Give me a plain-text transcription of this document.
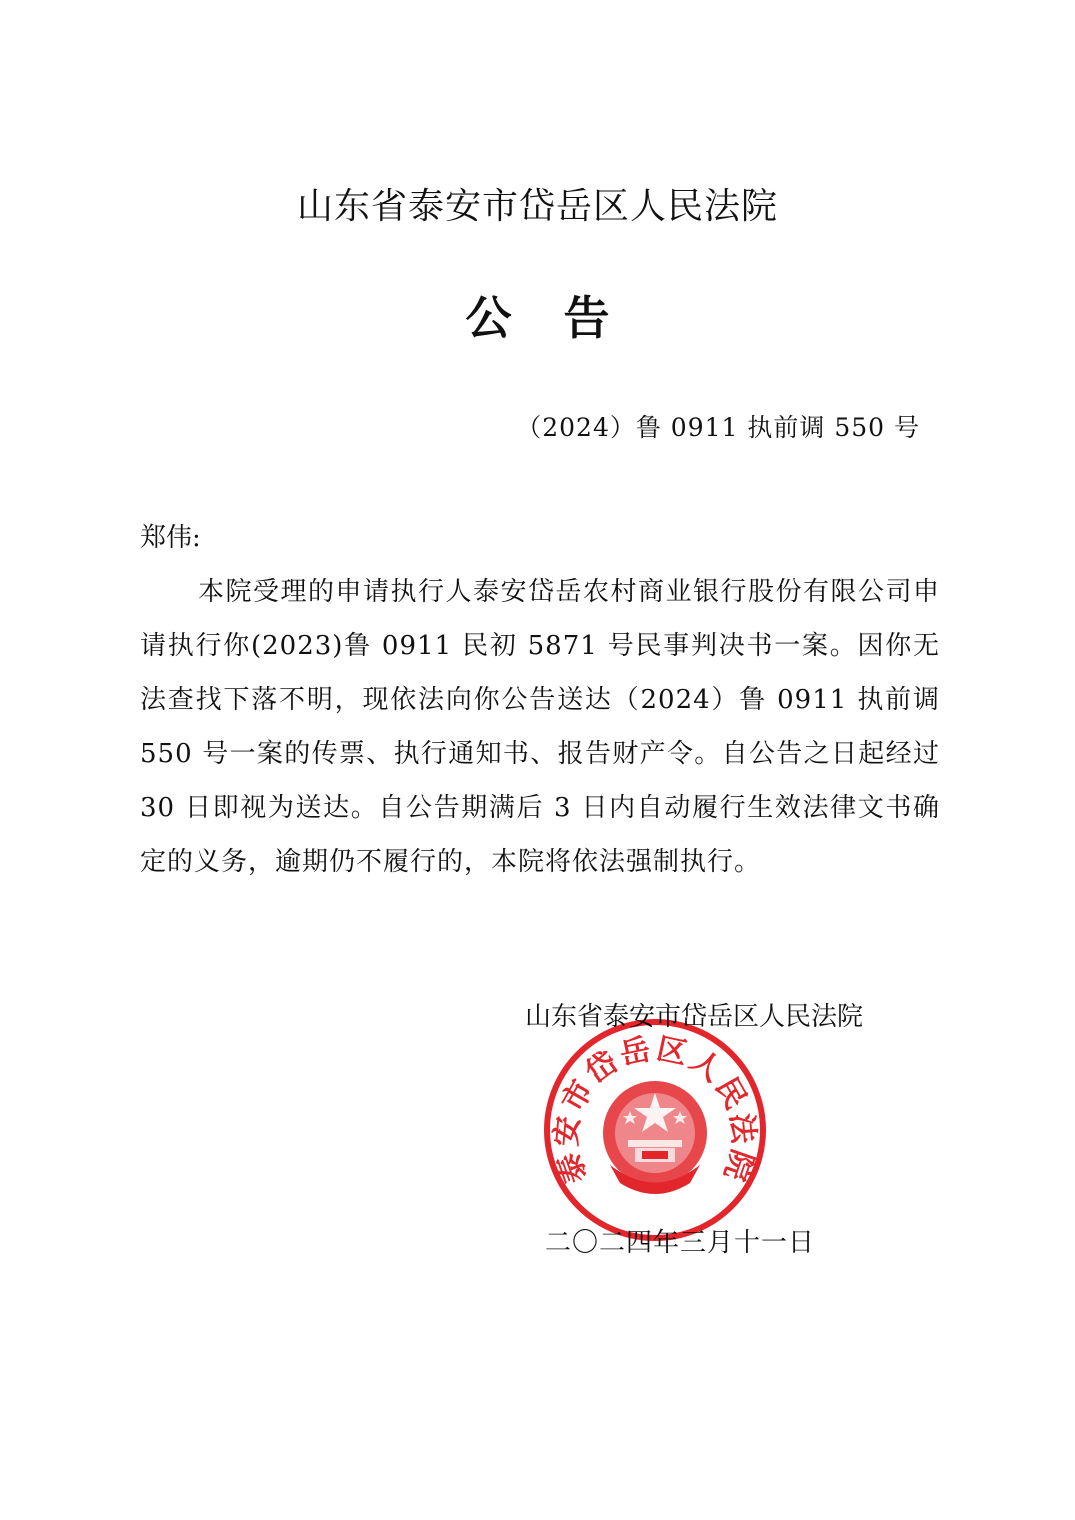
山东省泰安市岱岳区人民法院
公告
（2024）鲁 0911 执前调 550 号
郑伟:
本院受理的申请执行人泰安岱岳农村商业银行股份有限公司申请执行你(2023)鲁 0911 民初 5871 号民事判决书一案。因你无法查找下落不明，现依法向你公告送达（2024）鲁 0911 执前调 550 号一案的传票、执行通知书、报告财产令。自公告之日起经过 30 日即视为送达。自公告期满后 3 日内自动履行生效法律文书确定的义务，逾期仍不履行的，本院将依法强制执行。
山东省泰安市岱岳区人民法院
二〇二四年三月十一日
泰安市岱岳区人民法院
